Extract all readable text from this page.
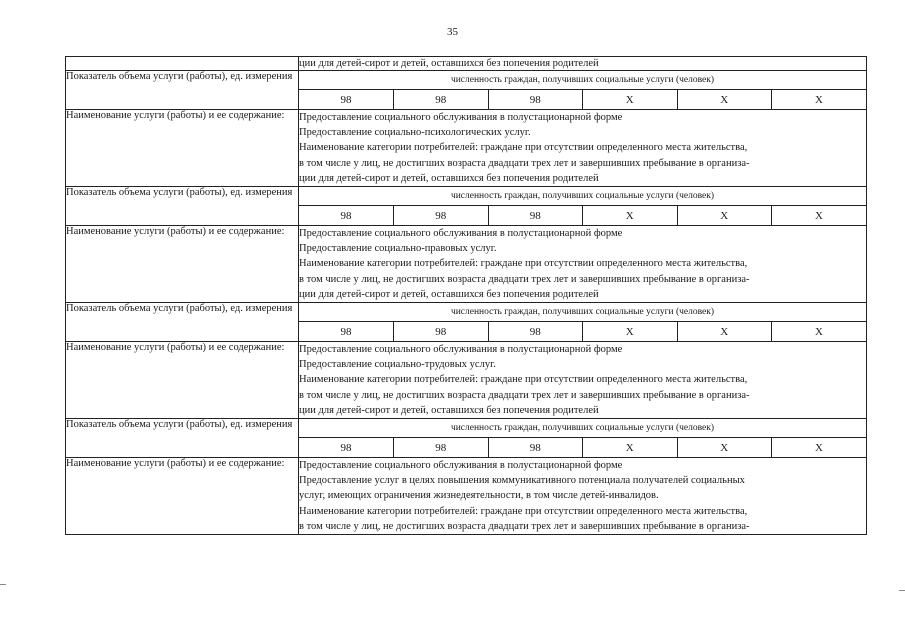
35
	ции для детей-сирот и детей, оставшихся без попечения родителей
Показатель объема услуги (работы), ед. измерения		численность граждан, получивших социальные услуги (человек)
98	98	98	Х	Х	Х

Наименование услуги (работы) и ее содержание:	Предоставление социального обслуживания в полустационарной форме
Предоставление социально-психологических услуг.
Наименование категории потребителей: граждане при отсутствии определенного места жительства,
в том числе у лиц, не достигших возраста двадцати трех лет и завершивших пребывание в организа-
ции для детей-сирот и детей, оставшихся без попечения родителей

Показатель объема услуги (работы), ед. измерения		численность граждан, получивших социальные услуги (человек)
98	98	98	Х	Х	Х

Наименование услуги (работы) и ее содержание:	Предоставление социального обслуживания в полустационарной форме
Предоставление социально-правовых услуг.
Наименование категории потребителей: граждане при отсутствии определенного места жительства,
в том числе у лиц, не достигших возраста двадцати трех лет и завершивших пребывание в организа-
ции для детей-сирот и детей, оставшихся без попечения родителей

Показатель объема услуги (работы), ед. измерения		численность граждан, получивших социальные услуги (человек)
98	98	98	Х	Х	Х

Наименование услуги (работы) и ее содержание:	Предоставление социального обслуживания в полустационарной форме
Предоставление социально-трудовых услуг.
Наименование категории потребителей: граждане при отсутствии определенного места жительства,
в том числе у лиц, не достигших возраста двадцати трех лет и завершивших пребывание в организа-
ции для детей-сирот и детей, оставшихся без попечения родителей

Показатель объема услуги (работы), ед. измерения		численность граждан, получивших социальные услуги (человек)
98	98	98	Х	Х	Х

Наименование услуги (работы) и ее содержание:	Предоставление социального обслуживания в полустационарной форме
Предоставление услуг в целях повышения коммуникативного потенциала получателей социальных
услуг, имеющих ограничения жизнедеятельности, в том числе детей-инвалидов.
Наименование категории потребителей: граждане при отсутствии определенного места жительства,
в том числе у лиц, не достигших возраста двадцати трех лет и завершивших пребывание в организа-
